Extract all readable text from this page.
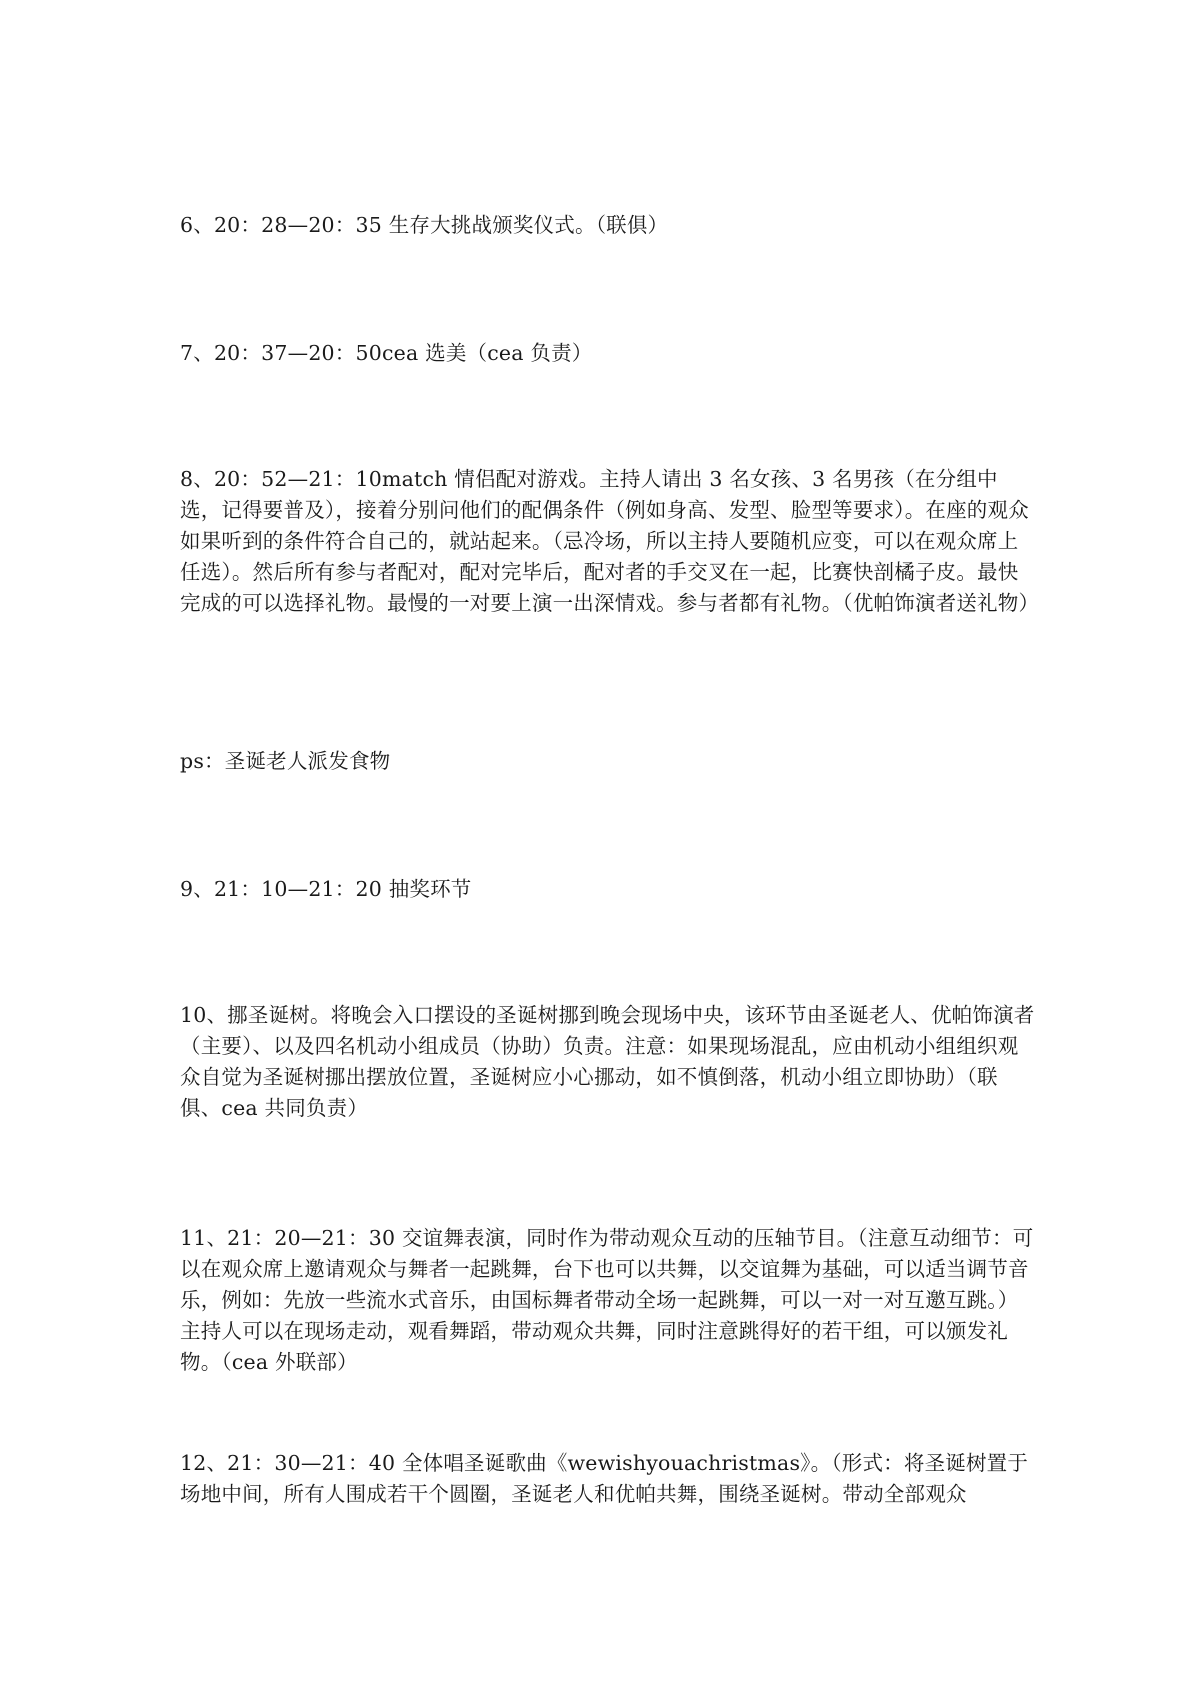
6、20：28—20：35 生存大挑战颁奖仪式。（联俱）

7、20：37—20：50cea 选美（cea 负责）

8、20：52—21：10match 情侣配对游戏。主持人请出 3 名女孩、3 名男孩（在分组中选，记得要普及），接着分别问他们的配偶条件（例如身高、发型、脸型等要求）。在座的观众如果听到的条件符合自己的，就站起来。（忌冷场，所以主持人要随机应变，可以在观众席上任选）。然后所有参与者配对，配对完毕后，配对者的手交叉在一起，比赛快剖橘子皮。最快完成的可以选择礼物。最慢的一对要上演一出深情戏。参与者都有礼物。（优帕饰演者送礼物）

ps：圣诞老人派发食物

9、21：10—21：20 抽奖环节

10、挪圣诞树。将晚会入口摆设的圣诞树挪到晚会现场中央，该环节由圣诞老人、优帕饰演者（主要）、以及四名机动小组成员（协助）负责。注意：如果现场混乱，应由机动小组组织观众自觉为圣诞树挪出摆放位置，圣诞树应小心挪动，如不慎倒落，机动小组立即协助）（联俱、cea 共同负责）

11、21：20—21：30 交谊舞表演，同时作为带动观众互动的压轴节目。（注意互动细节：可以在观众席上邀请观众与舞者一起跳舞，台下也可以共舞，以交谊舞为基础，可以适当调节音乐，例如：先放一些流水式音乐，由国标舞者带动全场一起跳舞，可以一对一对互邀互跳。）主持人可以在现场走动，观看舞蹈，带动观众共舞，同时注意跳得好的若干组，可以颁发礼物。（cea 外联部）

12、21：30—21：40 全体唱圣诞歌曲《wewishyouachristmas》。（形式：将圣诞树置于场地中间，所有人围成若干个圆圈，圣诞老人和优帕共舞，围绕圣诞树。带动全部观众
